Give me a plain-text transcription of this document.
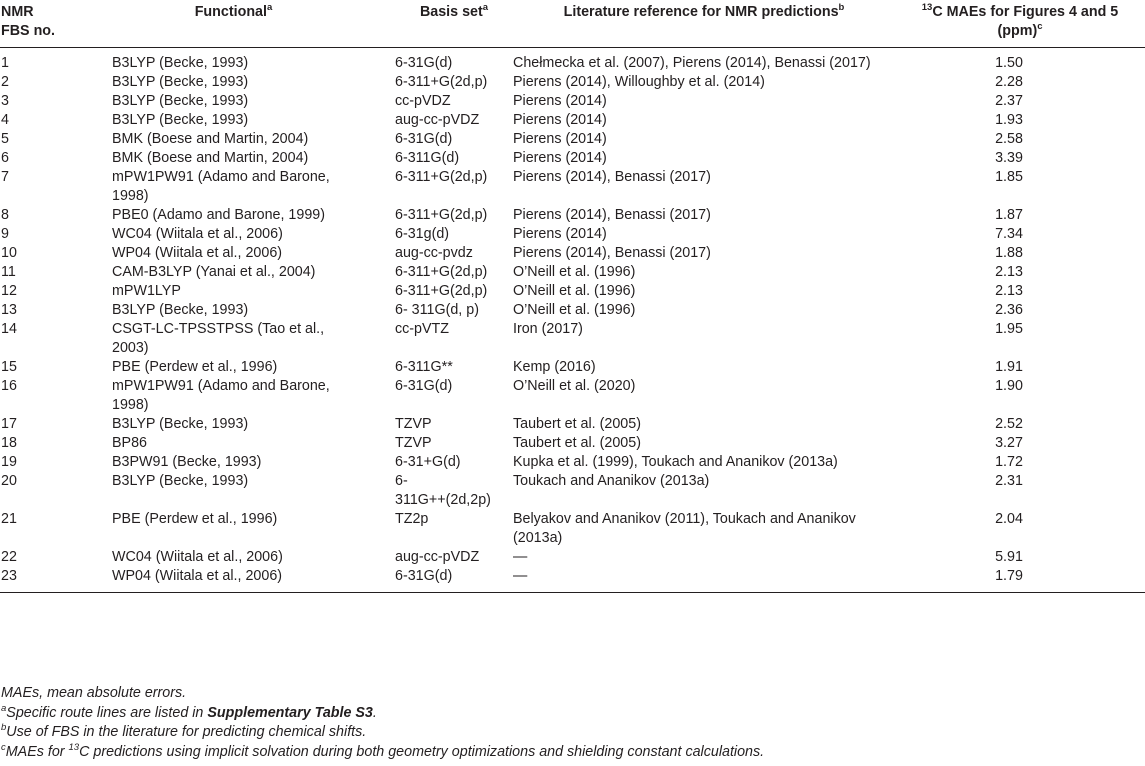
NMR
FBS no.	Functional$^a$	Basis set$^a$	Literature reference for NMR predictions$^b$	$^{13}$C MAEs for Figures 4 and 5
(ppm)$^c$

1	B3LYP (Becke, 1993)	6-31G(d)	Chełmecka et al. (2007), Pierens (2014), Benassi (2017)	1.50
2	B3LYP (Becke, 1993)	6-311+G(2d,p)	Pierens (2014), Willoughby et al. (2014)	2.28
3	B3LYP (Becke, 1993)	cc-pVDZ	Pierens (2014)	2.37
4	B3LYP (Becke, 1993)	aug-cc-pVDZ	Pierens (2014)	1.93
5	BMK (Boese and Martin, 2004)	6-31G(d)	Pierens (2014)	2.58
6	BMK (Boese and Martin, 2004)	6-311G(d)	Pierens (2014)	3.39
7	mPW1PW91 (Adamo and Barone,
1998)	6-311+G(2d,p)	Pierens (2014), Benassi (2017)	1.85
8	PBE0 (Adamo and Barone, 1999)	6-311+G(2d,p)	Pierens (2014), Benassi (2017)	1.87
9	WC04 (Wiitala et al., 2006)	6-31g(d)	Pierens (2014)	7.34
10	WP04 (Wiitala et al., 2006)	aug-cc-pvdz	Pierens (2014), Benassi (2017)	1.88
11	CAM-B3LYP (Yanai et al., 2004)	6-311+G(2d,p)	O’Neill et al. (1996)	2.13
12	mPW1LYP	6-311+G(2d,p)	O’Neill et al. (1996)	2.13
13	B3LYP (Becke, 1993)	6- 311G(d, p)	O’Neill et al. (1996)	2.36
14	CSGT-LC-TPSSTPSS (Tao et al.,
2003)	cc-pVTZ	Iron (2017)	1.95
15	PBE (Perdew et al., 1996)	6-311G**	Kemp (2016)	1.91
16	mPW1PW91 (Adamo and Barone,
1998)	6-31G(d)	O’Neill et al. (2020)	1.90
17	B3LYP (Becke, 1993)	TZVP	Taubert et al. (2005)	2.52
18	BP86	TZVP	Taubert et al. (2005)	3.27
19	B3PW91 (Becke, 1993)	6-31+G(d)	Kupka et al. (1999), Toukach and Ananikov (2013a)	1.72
20	B3LYP (Becke, 1993)	6-
311G++(2d,2p)	Toukach and Ananikov (2013a)	2.31
21	PBE (Perdew et al., 1996)	TZ2p	Belyakov and Ananikov (2011), Toukach and Ananikov
(2013a)	2.04
22	WC04 (Wiitala et al., 2006)	aug-cc-pVDZ	—	5.91
23	WP04 (Wiitala et al., 2006)	6-31G(d)	—	1.79

MAEs, mean absolute errors.

$^a$Specific route lines are listed in Supplementary Table S3.

$^b$Use of FBS in the literature for predicting chemical shifts.

$^c$MAEs for $^{13}$C predictions using implicit solvation during both geometry optimizations and shielding constant calculations.
